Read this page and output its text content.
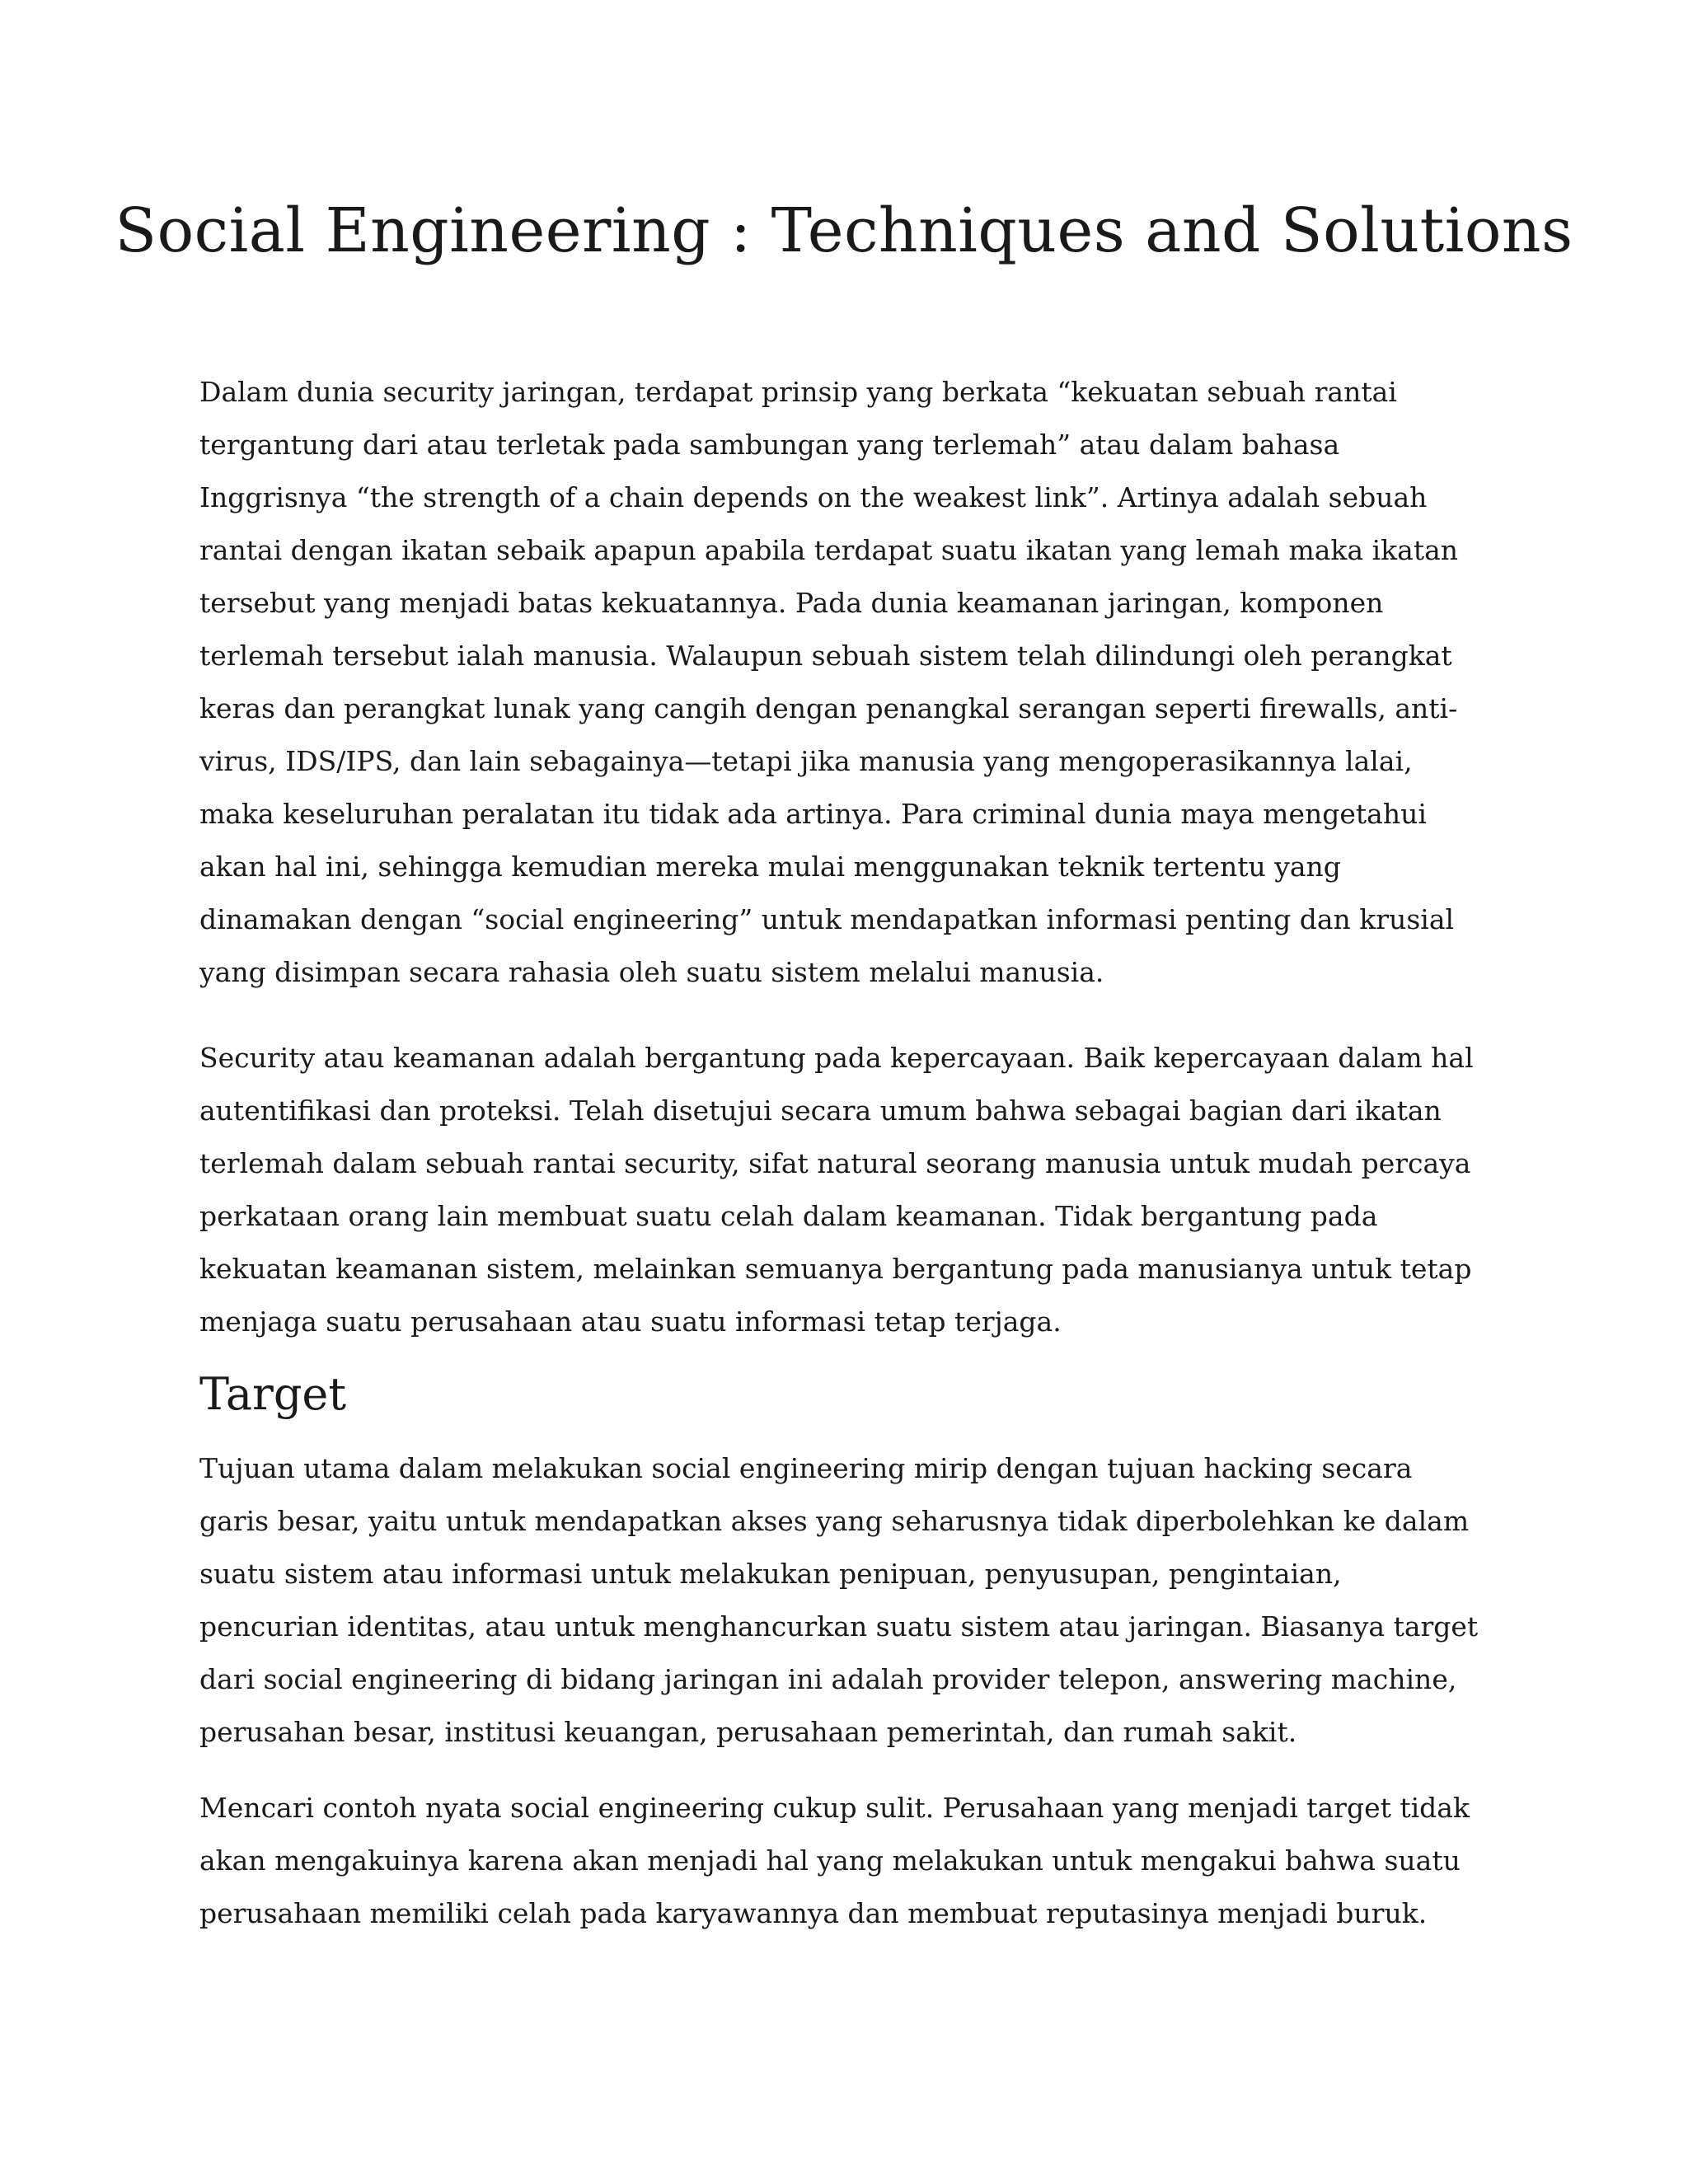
Social Engineering : Techniques and Solutions

Dalam dunia security jaringan, terdapat prinsip yang berkata “kekuatan sebuah rantai
tergantung dari atau terletak pada sambungan yang terlemah” atau dalam bahasa
Inggrisnya “the strength of a chain depends on the weakest link”. Artinya adalah sebuah
rantai dengan ikatan sebaik apapun apabila terdapat suatu ikatan yang lemah maka ikatan
tersebut yang menjadi batas kekuatannya. Pada dunia keamanan jaringan, komponen
terlemah tersebut ialah manusia. Walaupun sebuah sistem telah dilindungi oleh perangkat
keras dan perangkat lunak yang cangih dengan penangkal serangan seperti firewalls, anti-
virus, IDS/IPS, dan lain sebagainya—tetapi jika manusia yang mengoperasikannya lalai,
maka keseluruhan peralatan itu tidak ada artinya. Para criminal dunia maya mengetahui
akan hal ini, sehingga kemudian mereka mulai menggunakan teknik tertentu yang
dinamakan dengan “social engineering” untuk mendapatkan informasi penting dan krusial
yang disimpan secara rahasia oleh suatu sistem melalui manusia.

Security atau keamanan adalah bergantung pada kepercayaan. Baik kepercayaan dalam hal
autentifikasi dan proteksi. Telah disetujui secara umum bahwa sebagai bagian dari ikatan
terlemah dalam sebuah rantai security, sifat natural seorang manusia untuk mudah percaya
perkataan orang lain membuat suatu celah dalam keamanan. Tidak bergantung pada
kekuatan keamanan sistem, melainkan semuanya bergantung pada manusianya untuk tetap
menjaga suatu perusahaan atau suatu informasi tetap terjaga.

Target

Tujuan utama dalam melakukan social engineering mirip dengan tujuan hacking secara
garis besar, yaitu untuk mendapatkan akses yang seharusnya tidak diperbolehkan ke dalam
suatu sistem atau informasi untuk melakukan penipuan, penyusupan, pengintaian,
pencurian identitas, atau untuk menghancurkan suatu sistem atau jaringan. Biasanya target
dari social engineering di bidang jaringan ini adalah provider telepon, answering machine,
perusahan besar, institusi keuangan, perusahaan pemerintah, dan rumah sakit.

Mencari contoh nyata social engineering cukup sulit. Perusahaan yang menjadi target tidak
akan mengakuinya karena akan menjadi hal yang melakukan untuk mengakui bahwa suatu
perusahaan memiliki celah pada karyawannya dan membuat reputasinya menjadi buruk.
